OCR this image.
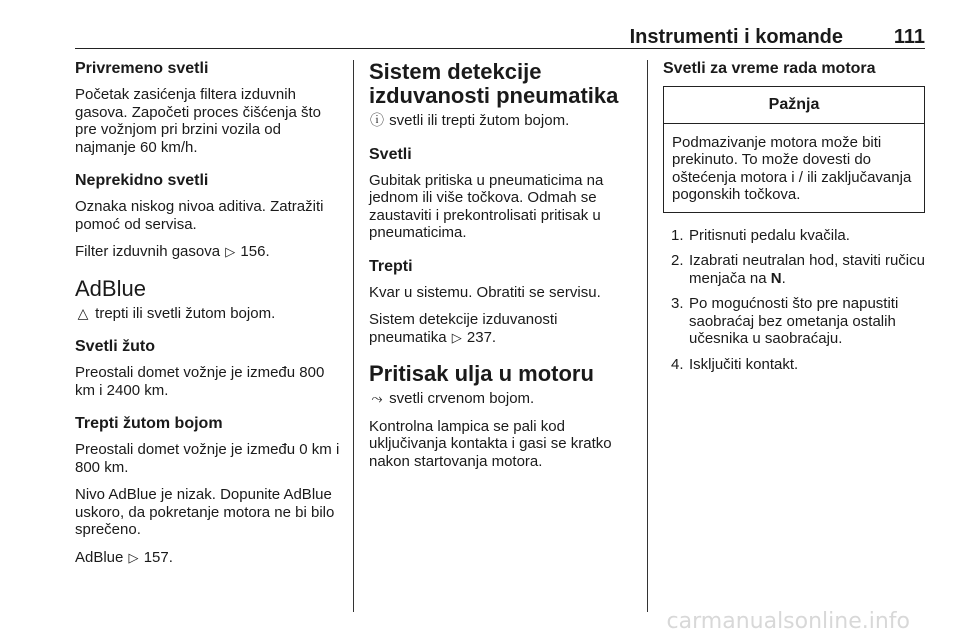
Instrumenti i komande	111
Privremeno svetli

Početak zasićenja filtera izduvnih gasova. Započeti proces čišćenja što pre vožnjom pri brzini vozila od najmanje 60 km/h.

Neprekidno svetli

Oznaka niskog nivoa aditiva. Zatražiti pomoć od servisa.

Filter izduvnih gasova ▷ 156.

AdBlue

△ trepti ili svetli žutom bojom.

Svetli žuto

Preostali domet vožnje je između 800 km i 2400 km.

Trepti žutom bojom

Preostali domet vožnje je između 0 km i 800 km.

Nivo AdBlue je nizak. Dopunite AdBlue uskoro, da pokretanje motora ne bi bilo sprečeno.

AdBlue ▷ 157.

Sistem detekcije izduvanosti pneumatika

ⓘ svetli ili trepti žutom bojom.

Svetli

Gubitak pritiska u pneumaticima na jednom ili više točkova. Odmah se zaustaviti i prekontrolisati pritisak u pneumaticima.

Trepti

Kvar u sistemu. Obratiti se servisu.

Sistem detekcije izduvanosti pneumatika ▷ 237.

Pritisak ulja u motoru

⤳ svetli crvenom bojom.

Kontrolna lampica se pali kod uključivanja kontakta i gasi se kratko nakon startovanja motora.

Svetli za vreme rada motora
Pažnja
Podmazivanje motora može biti prekinuto. To može dovesti do oštećenja motora i / ili zaključavanja pogonskih točkova.
1. Pritisnuti pedalu kvačila.
2. Izabrati neutralan hod, staviti ručicu menjača na N.
3. Po mogućnosti što pre napustiti saobraćaj bez ometanja ostalih učesnika u saobraćaju.
4. Isključiti kontakt.
carmanualsonline.info
